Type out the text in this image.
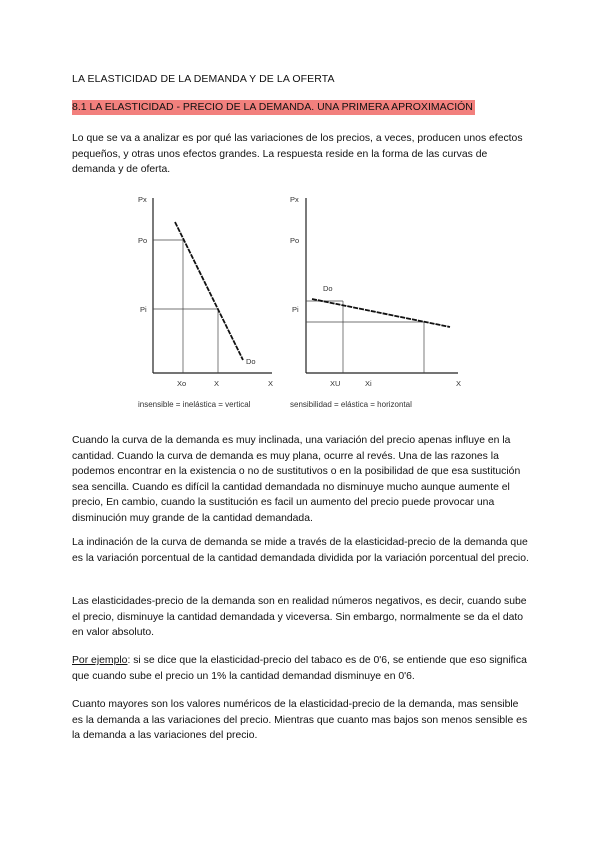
LA ELASTICIDAD DE LA DEMANDA Y DE LA OFERTA
8.1 LA ELASTICIDAD - PRECIO DE LA DEMANDA. UNA PRIMERA APROXIMACIÓN

Lo que se va a analizar es por qué las variaciones de los precios, a veces, producen unos efectos pequeños, y otras unos efectos grandes. La respuesta reside en la forma de las curvas de demanda y de oferta.

Px
Po
Pi
Do
Xo	X	X
insensible = inelástica = vertical
Px
Po
Pi
Do
XU	Xi	X
sensibilidad = elástica = horizontal

Cuando la curva de la demanda es muy inclinada, una variación del precio apenas influye en la cantidad. Cuando la curva de demanda es muy plana, ocurre al revés. Una de las razones la podemos encontrar en la existencia o no de sustitutivos o en la posibilidad de que esa sustitución sea sencilla. Cuando es difícil la cantidad demandada no disminuye mucho aunque aumente el precio, En cambio, cuando la sustitución es facil un aumento del precio puede provocar una disminución muy grande de la cantidad demandada.

La indinación de la curva de demanda se mide a través de la elasticidad-precio de la demanda que es la variación porcentual de la cantidad demandada dividida por la variación porcentual del precio.

Las elasticidades-precio de la demanda son en realidad números negativos, es decir, cuando sube el precio, disminuye la cantidad demandada y viceversa. Sin embargo, normalmente se da el dato en valor absoluto.

Por ejemplo: si se dice que la elasticidad-precio del tabaco es de 0'6, se entiende que eso significa que cuando sube el precio un 1% la cantidad demandad disminuye en 0'6.

Cuanto mayores son los valores numéricos de la elasticidad-precio de la demanda, mas sensible es la demanda a las variaciones del precio. Mientras que cuanto mas bajos son menos sensible es la demanda a las variaciones del precio.
